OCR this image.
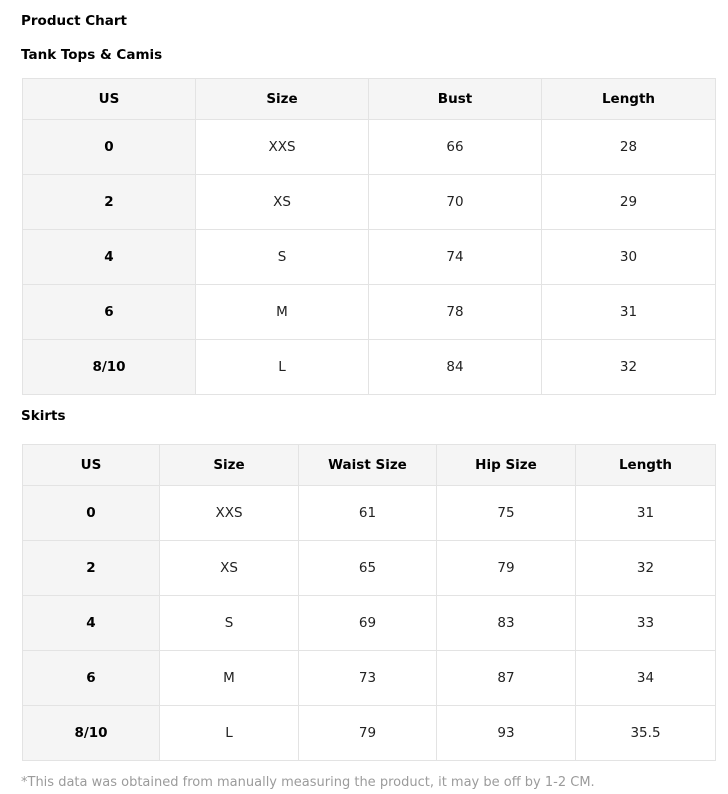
Product Chart
Tank Tops & Camis
US	Size	Bust	Length
0	XXS	66	28
2	XS	70	29
4	S	74	30
6	M	78	31
8/10	L	84	32
Skirts
US	Size	Waist Size	Hip Size	Length
0	XXS	61	75	31
2	XS	65	79	32
4	S	69	83	33
6	M	73	87	34
8/10	L	79	93	35.5

*This data was obtained from manually measuring the product, it may be off by 1-2 CM.
